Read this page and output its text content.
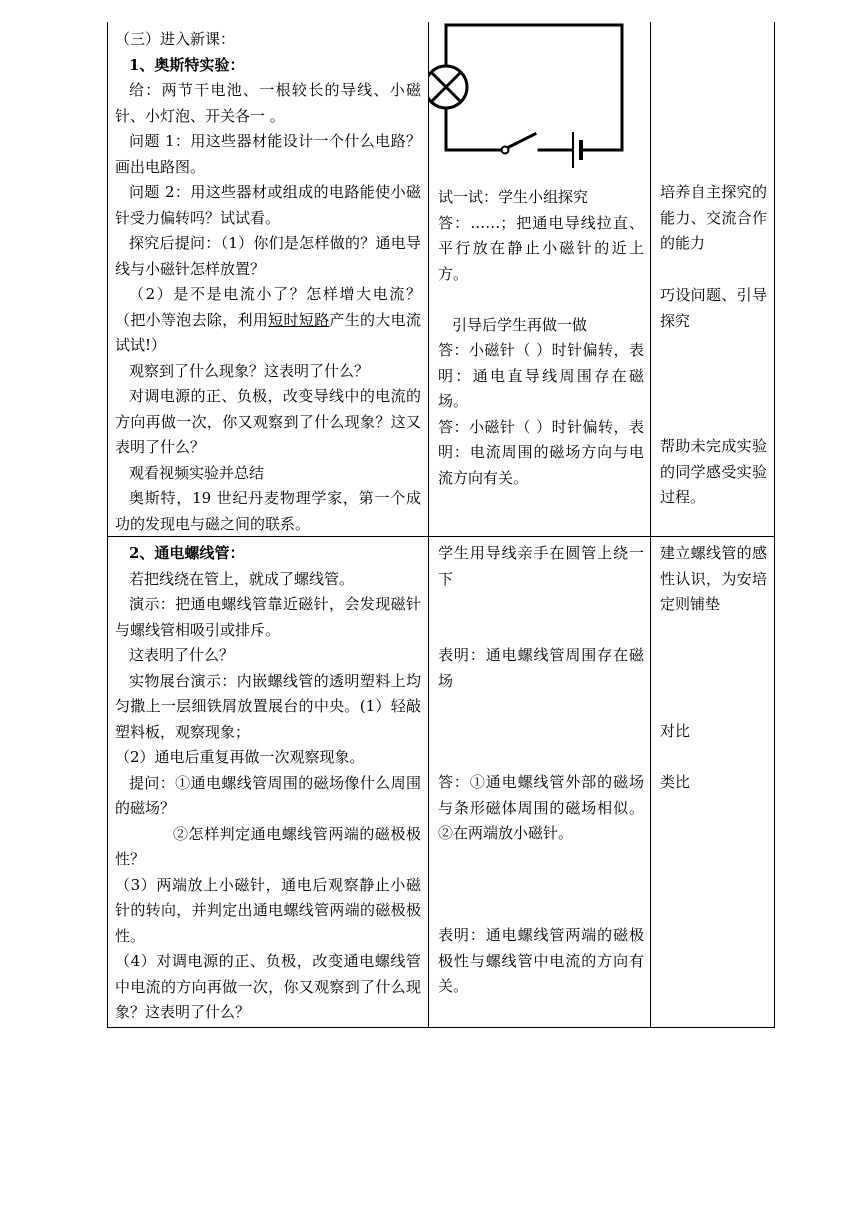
（三）进入新课：

1、奥斯特实验：

给：两节干电池、一根较长的导线、小磁针、小灯泡、开关各一 。

问题 1：用这些器材能设计一个什么电路？画出电路图。

问题 2：用这些器材或组成的电路能使小磁针受力偏转吗？试试看。

探究后提问：（1）你们是怎样做的？通电导线与小磁针怎样放置？

（2）是不是电流小了？怎样增大电流？（把小等泡去除，利用短时短路产生的大电流试试!）

观察到了什么现象？这表明了什么？

对调电源的正、负极，改变导线中的电流的方向再做一次，你又观察到了什么现象？这又表明了什么？

观看视频实验并总结

奥斯特，19 世纪丹麦物理学家，第一个成功的发现电与磁之间的联系。

试一试：学生小组探究

答：……；把通电导线拉直、平行放在静止小磁针的近上方。

引导后学生再做一做

答：小磁针（ ）时针偏转，表明：通电直导线周围存在磁场。

答：小磁针（ ）时针偏转，表明：电流周围的磁场方向与电流方向有关。

培养自主探究的能力、交流合作的能力
巧设问题、引导探究
帮助未完成实验的同学感受实验过程。

2、通电螺线管：

若把线绕在管上，就成了螺线管。

演示：把通电螺线管靠近磁针，会发现磁针与螺线管相吸引或排斥。

这表明了什么？

实物展台演示：内嵌螺线管的透明塑料上均匀撒上一层细铁屑放置展台的中央。(1）轻敲塑料板，观察现象；

（2）通电后重复再做一次观察现象。

提问：①通电螺线管周围的磁场像什么周围的磁场？

②怎样判定通电螺线管两端的磁极极性？

（3）两端放上小磁针，通电后观察静止小磁针的转向，并判定出通电螺线管两端的磁极极性。

（4）对调电源的正、负极，改变通电螺线管中电流的方向再做一次，你又观察到了什么现象？这表明了什么？

学生用导线亲手在圆管上绕一下
表明：通电螺线管周围存在磁场
答：①通电螺线管外部的磁场与条形磁体周围的磁场相似。 ②在两端放小磁针。
表明：通电螺线管两端的磁极极性与螺线管中电流的方向有关。
建立螺线管的感性认识，为安培定则铺垫
对比
类比
